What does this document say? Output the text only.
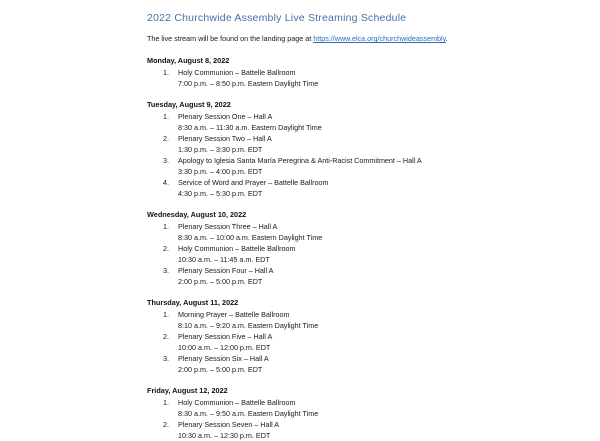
2022 Churchwide Assembly Live Streaming Schedule

The live stream will be found on the landing page at https://www.elca.org/churchwideassembly.

Monday, August 8, 2022
1.	Holy Communion – Battelle Ballroom
7:00 p.m. – 8:50 p.m. Eastern Daylight Time
Tuesday, August 9, 2022
1.	Plenary Session One – Hall A
8:30 a.m. – 11:30 a.m. Eastern Daylight Time
2.	Plenary Session Two – Hall A
1:30 p.m. – 3:30 p.m. EDT
3.	Apology to Iglesia Santa María Peregrina & Anti-Racist Commitment – Hall A
3:30 p.m. – 4:00 p.m. EDT
4.	Service of Word and Prayer – Battelle Ballroom
4:30 p.m. – 5:30 p.m. EDT
Wednesday, August 10, 2022
1.	Plenary Session Three – Hall A
8:30 a.m. – 10:00 a.m. Eastern Daylight Time
2.	Holy Communion – Battelle Ballroom
10:30 a.m. – 11:45 a.m. EDT
3.	Plenary Session Four – Hall A
2:00 p.m. – 5:00 p.m. EDT
Thursday, August 11, 2022
1.	Morning Prayer – Battelle Ballroom
8:10 a.m. – 9:20 a.m. Eastern Daylight Time
2.	Plenary Session Five – Hall A
10:00 a.m. – 12:00 p.m. EDT
3.	Plenary Session Six – Hall A
2:00 p.m. – 5:00 p.m. EDT
Friday, August 12, 2022
1.	Holy Communion – Battelle Ballroom
8:30 a.m. – 9:50 a.m. Eastern Daylight Time
2.	Plenary Session Seven – Hall A
10:30 a.m. – 12:30 p.m. EDT
